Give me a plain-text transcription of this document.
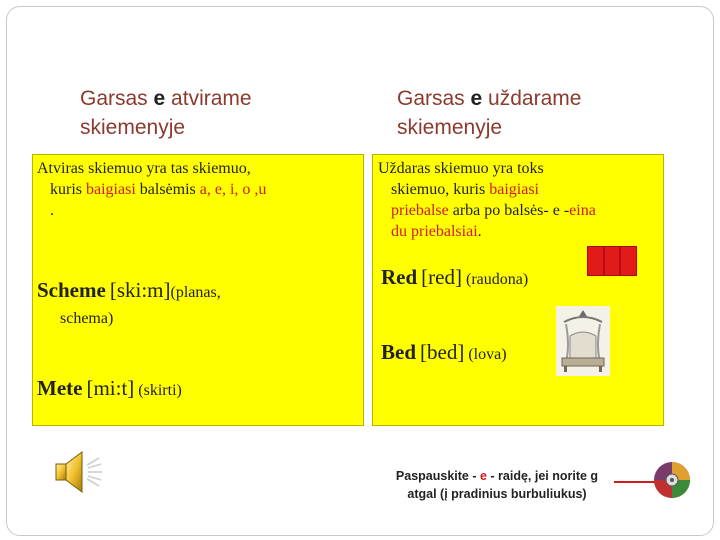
Garsas e atvirame
skiemenyje
Garsas e uždarame
skiemenyje
Atviras skiemuo yra tas skiemuo,
kuris baigiasi balsėmis a, e, i, o ,u
.
Uždaras skiemuo yra toks
skiemuo, kuris baigiasi
priebalse arba po balsės- e -eina
du priebalsiai.
Scheme [ski:m](planas,
schema)
Mete [mi:t] (skirti)
Red [red] (raudona)
Bed [bed] (lova)
Paspauskite - e - raidę, jei norite g
atgal (į pradinius burbuliukus)
